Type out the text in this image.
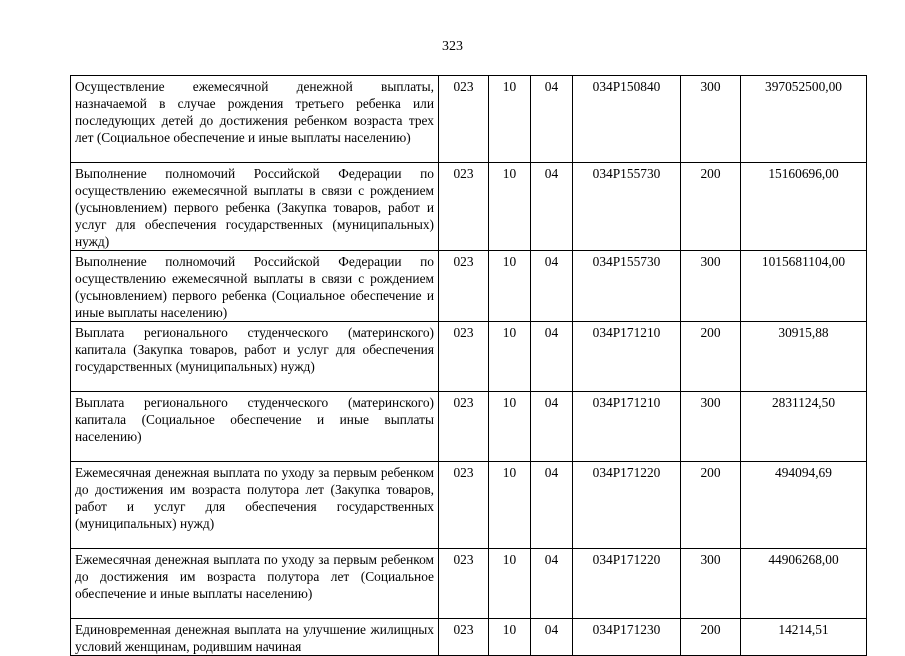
323
Осуществление ежемесячной денежной выплаты, назначаемой в случае рождения третьего ребенка или последующих детей до достижения ребенком возраста трех лет (Социальное обеспечение и иные выплаты населению)	023	10	04	034P150840	300	397052500,00
Выполнение полномочий Российской Федерации по осуществлению ежемесячной выплаты в связи с рождением (усыновлением) первого ребенка (Закупка товаров, работ и услуг для обеспечения государственных (муниципальных) нужд)	023	10	04	034P155730	200	15160696,00
Выполнение полномочий Российской Федерации по осуществлению ежемесячной выплаты в связи с рождением (усыновлением) первого ребенка (Социальное обеспечение и иные выплаты населению)	023	10	04	034P155730	300	1015681104,00
Выплата регионального студенческого (материнского) капитала (Закупка товаров, работ и услуг для обеспечения государственных (муниципальных) нужд)	023	10	04	034P171210	200	30915,88
Выплата регионального студенческого (материнского) капитала (Социальное обеспечение и иные выплаты населению)	023	10	04	034P171210	300	2831124,50
Ежемесячная денежная выплата по уходу за первым ребенком до достижения им возраста полутора лет (Закупка товаров, работ и услуг для обеспечения государственных (муниципальных) нужд)	023	10	04	034P171220	200	494094,69
Ежемесячная денежная выплата по уходу за первым ребенком до достижения им возраста полутора лет (Социальное обеспечение и иные выплаты населению)	023	10	04	034P171220	300	44906268,00
Единовременная денежная выплата на улучшение жилищных условий женщинам, родившим начиная	023	10	04	034P171230	200	14214,51
